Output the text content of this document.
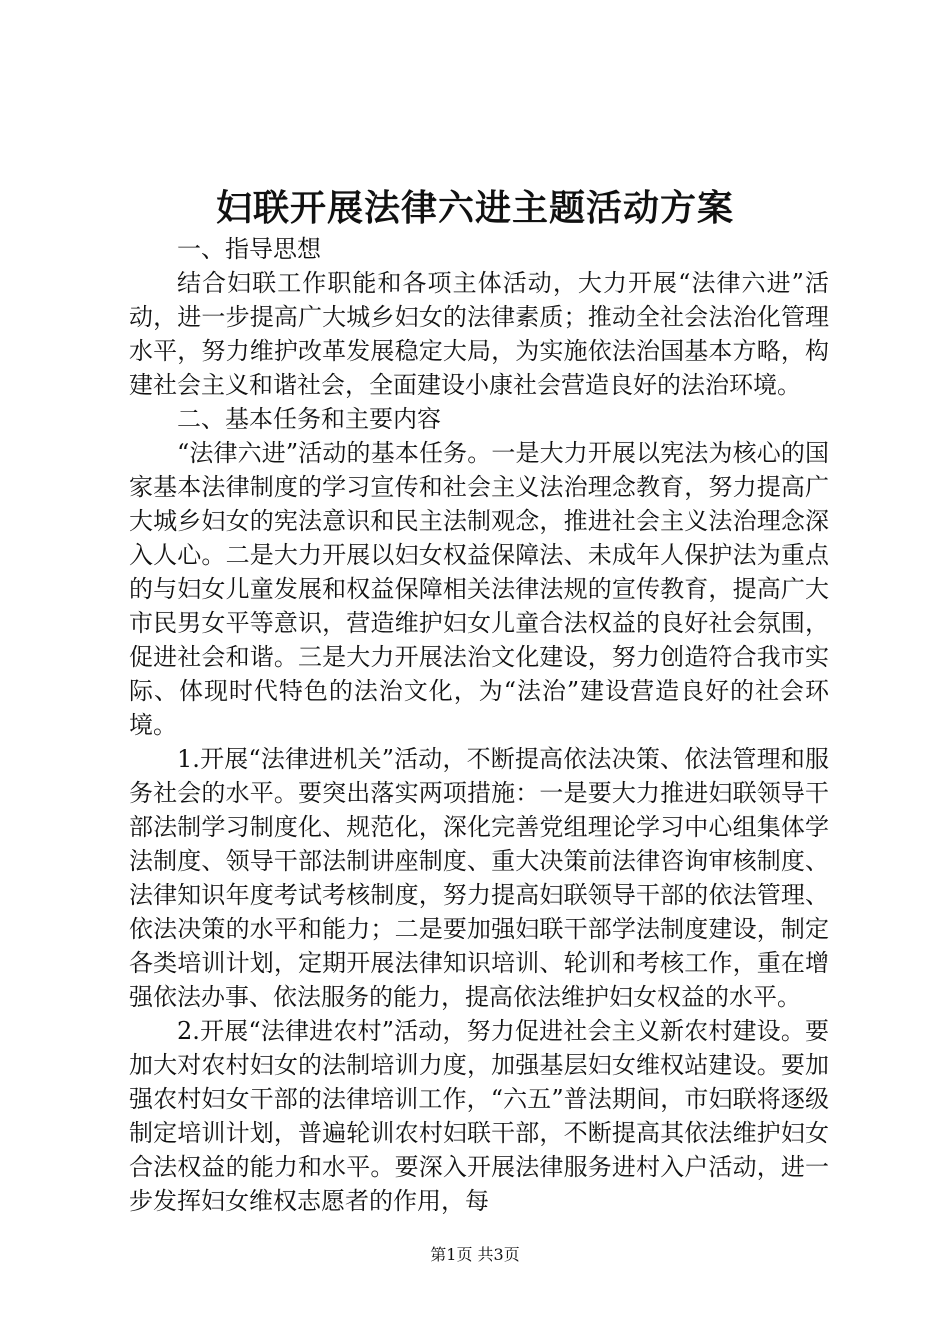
妇联开展法律六进主题活动方案

一、指导思想

结合妇联工作职能和各项主体活动，大力开展“法律六进”活动，进一步提高广大城乡妇女的法律素质；推动全社会法治化管理水平，努力维护改革发展稳定大局，为实施依法治国基本方略，构建社会主义和谐社会，全面建设小康社会营造良好的法治环境。

二、基本任务和主要内容

“法律六进”活动的基本任务。一是大力开展以宪法为核心的国家基本法律制度的学习宣传和社会主义法治理念教育，努力提高广大城乡妇女的宪法意识和民主法制观念，推进社会主义法治理念深入人心。二是大力开展以妇女权益保障法、未成年人保护法为重点的与妇女儿童发展和权益保障相关法律法规的宣传教育，提高广大市民男女平等意识，营造维护妇女儿童合法权益的良好社会氛围，促进社会和谐。三是大力开展法治文化建设，努力创造符合我市实际、体现时代特色的法治文化，为“法治”建设营造良好的社会环境。

1.开展“法律进机关”活动，不断提高依法决策、依法管理和服务社会的水平。要突出落实两项措施：一是要大力推进妇联领导干部法制学习制度化、规范化，深化完善党组理论学习中心组集体学法制度、领导干部法制讲座制度、重大决策前法律咨询审核制度、法律知识年度考试考核制度，努力提高妇联领导干部的依法管理、依法决策的水平和能力；二是要加强妇联干部学法制度建设，制定各类培训计划，定期开展法律知识培训、轮训和考核工作，重在增强依法办事、依法服务的能力，提高依法维护妇女权益的水平。

2.开展“法律进农村”活动，努力促进社会主义新农村建设。要加大对农村妇女的法制培训力度，加强基层妇女维权站建设。要加强农村妇女干部的法律培训工作，“六五”普法期间，市妇联将逐级制定培训计划，普遍轮训农村妇联干部，不断提高其依法维护妇女合法权益的能力和水平。要深入开展法律服务进村入户活动，进一步发挥妇女维权志愿者的作用，每

第1页 共3页
